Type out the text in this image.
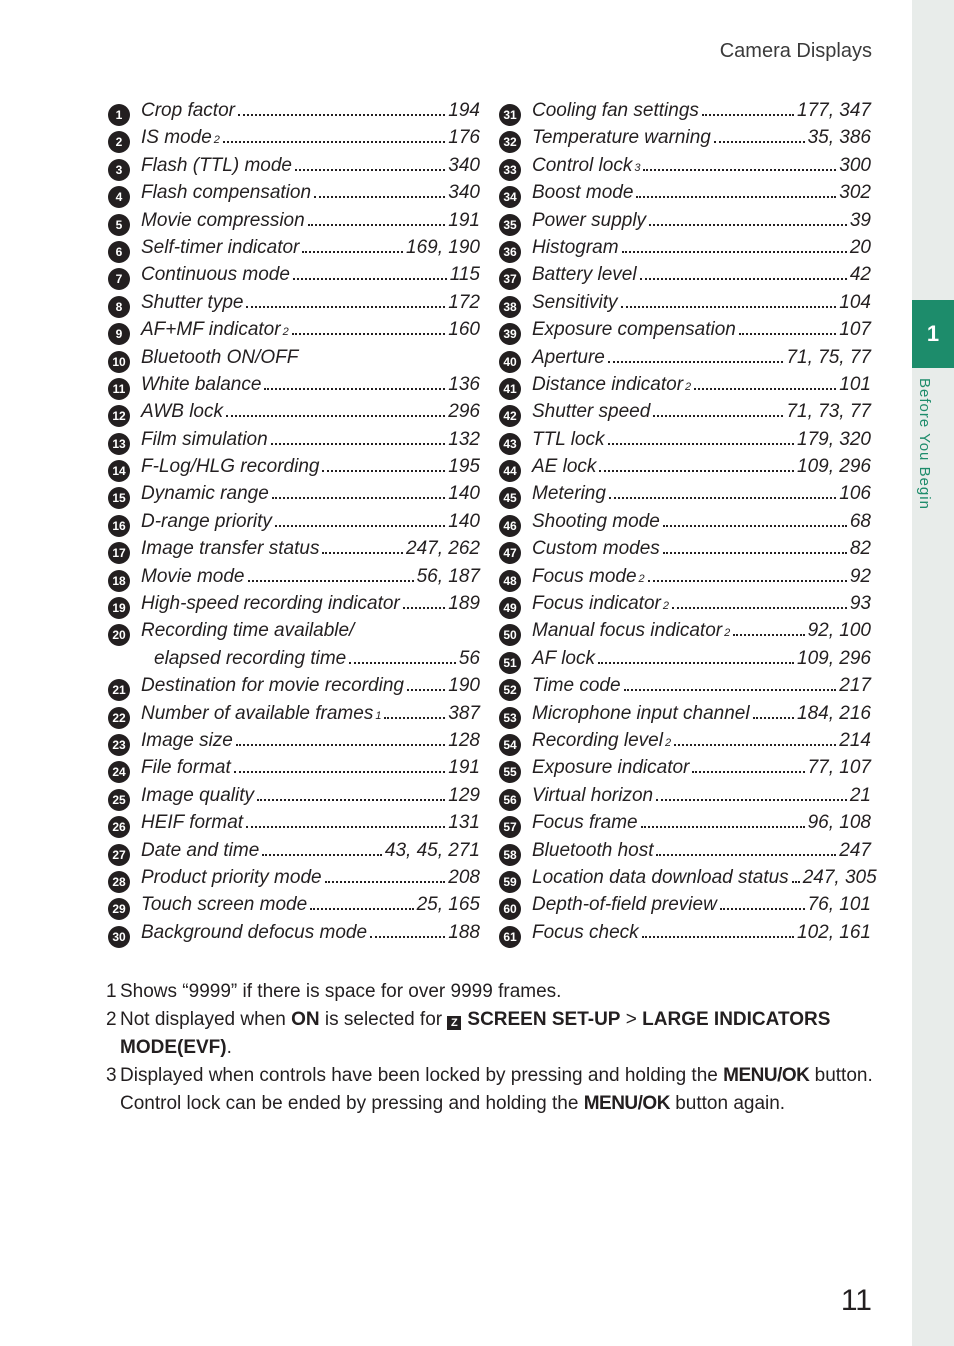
Camera Displays
1
Before You Begin
1 Crop factor	194
2 IS mode 2	176
3 Flash (TTL) mode	340
4 Flash compensation	340
5 Movie compression	191
6 Self-timer indicator	169, 190
7 Continuous mode	115
8 Shutter type	172
9 AF+MF indicator 2	160
10 Bluetooth ON/OFF
11 White balance	136
12 AWB lock	296
13 Film simulation	132
14 F-Log/HLG recording	195
15 Dynamic range	140
16 D-range priority	140
17 Image transfer status	247, 262
18 Movie mode	56, 187
19 High-speed recording indicator	189
20 Recording time available/
elapsed recording time	56
21 Destination for movie recording 190
22 Number of available frames 1	387
23 Image size	128
24 File format	191
25 Image quality	129
26 HEIF format	131
27 Date and time	43, 45, 271
28 Product priority mode	208
29 Touch screen mode	25, 165
30 Background defocus mode	188
31 Cooling fan settings	177, 347
32 Temperature warning	35, 386
33 Control lock 3	300
34 Boost mode	302
35 Power supply	39
36 Histogram	20
37 Battery level	42
38 Sensitivity	104
39 Exposure compensation	107
40 Aperture	71, 75, 77
41 Distance indicator 2	101
42 Shutter speed	71, 73, 77
43 TTL lock	179, 320
44 AE lock	109, 296
45 Metering	106
46 Shooting mode	68
47 Custom modes	82
48 Focus mode 2	92
49 Focus indicator 2	93
50 Manual focus indicator 2	92, 100
51 AF lock	109, 296
52 Time code	217
53 Microphone input channel 184, 216
54 Recording level 2	214
55 Exposure indicator	77, 107
56 Virtual horizon	21
57 Focus frame	96, 108
58 Bluetooth host	247
59 Location data download status 247, 305
60 Depth-of-field preview	76, 101
61 Focus check	102, 161
1 Shows “9999” if there is space for over 9999 frames.
2 Not displayed when ON is selected for Z SCREEN SET-UP > LARGE INDICATORS MODE(EVF).
3 Displayed when controls have been locked by pressing and holding the MENU/OK button. Control lock can be ended by pressing and holding the MENU/OK button again.
11
